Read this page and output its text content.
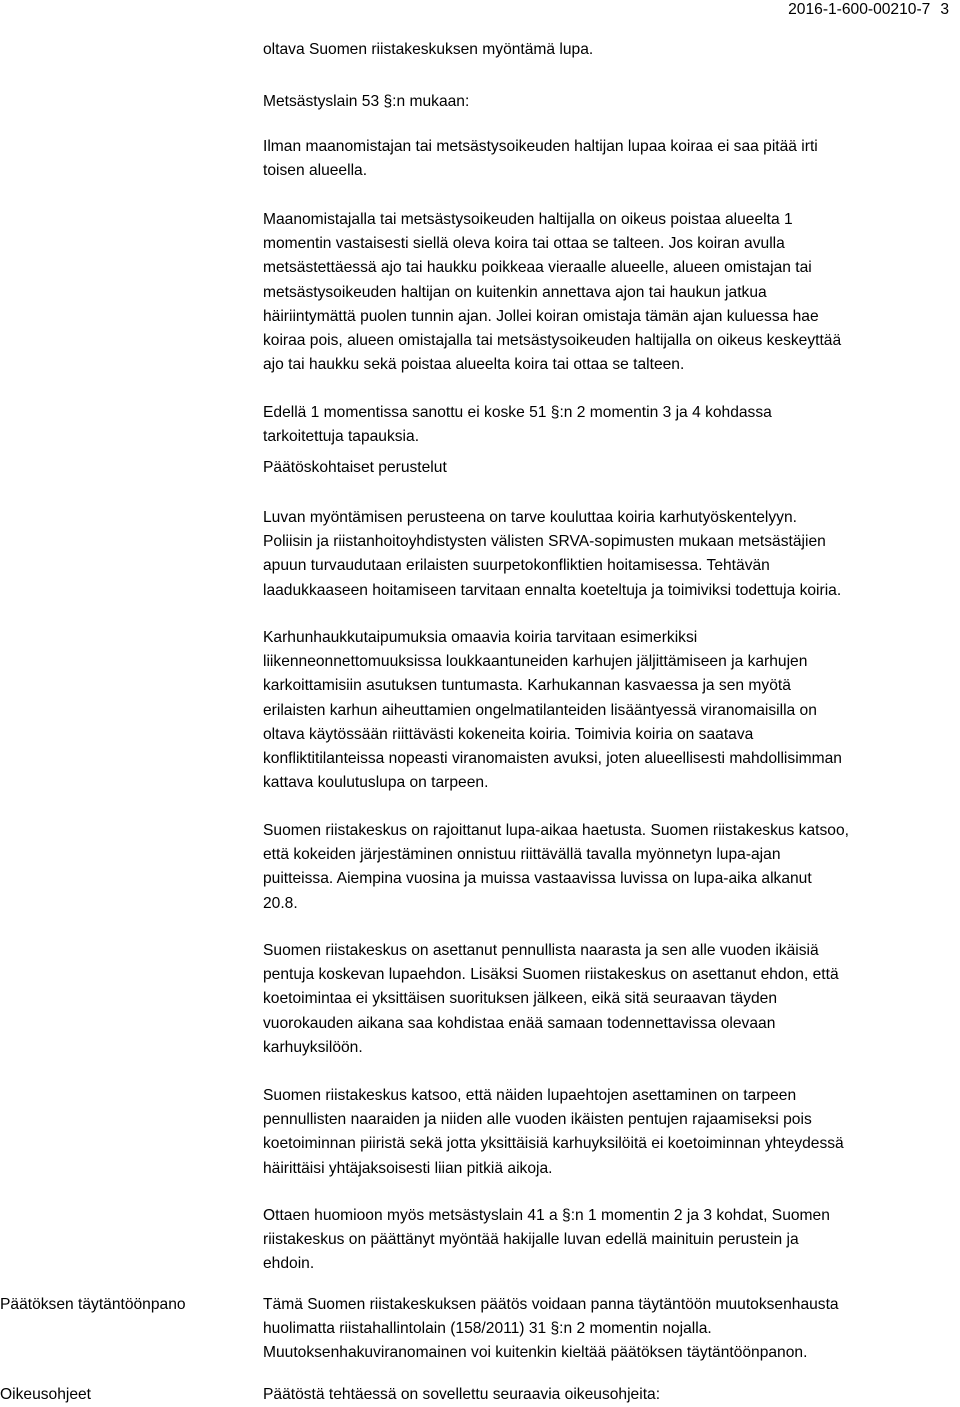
2016-1-600-00210-7 3
oltava Suomen riistakeskuksen myöntämä lupa.
Metsästyslain 53 §:n mukaan:
Ilman maanomistajan tai metsästysoikeuden haltijan lupaa koiraa ei saa pitää irti
toisen alueella.
Maanomistajalla tai metsästysoikeuden haltijalla on oikeus poistaa alueelta 1
momentin vastaisesti siellä oleva koira tai ottaa se talteen. Jos koiran avulla
metsästettäessä ajo tai haukku poikkeaa vieraalle alueelle, alueen omistajan tai
metsästysoikeuden haltijan on kuitenkin annettava ajon tai haukun jatkua
häiriintymättä puolen tunnin ajan. Jollei koiran omistaja tämän ajan kuluessa hae
koiraa pois, alueen omistajalla tai metsästysoikeuden haltijalla on oikeus keskeyttää
ajo tai haukku sekä poistaa alueelta koira tai ottaa se talteen.
Edellä 1 momentissa sanottu ei koske 51 §:n 2 momentin 3 ja 4 kohdassa
tarkoitettuja tapauksia.
Päätöskohtaiset perustelut
Luvan myöntämisen perusteena on tarve kouluttaa koiria karhutyöskentelyyn.
Poliisin ja riistanhoitoyhdistysten välisten SRVA-sopimusten mukaan metsästäjien
apuun turvaudutaan erilaisten suurpetokonfliktien hoitamisessa. Tehtävän
laadukkaaseen hoitamiseen tarvitaan ennalta koeteltuja ja toimiviksi todettuja koiria.
Karhunhaukkutaipumuksia omaavia koiria tarvitaan esimerkiksi
liikenneonnettomuuksissa loukkaantuneiden karhujen jäljittämiseen ja karhujen
karkoittamisiin asutuksen tuntumasta. Karhukannan kasvaessa ja sen myötä
erilaisten karhun aiheuttamien ongelmatilanteiden lisääntyessä viranomaisilla on
oltava käytössään riittävästi kokeneita koiria. Toimivia koiria on saatava
konfliktitilanteissa nopeasti viranomaisten avuksi, joten alueellisesti mahdollisimman
kattava koulutuslupa on tarpeen.
Suomen riistakeskus on rajoittanut lupa-aikaa haetusta. Suomen riistakeskus katsoo,
että kokeiden järjestäminen onnistuu riittävällä tavalla myönnetyn lupa-ajan
puitteissa. Aiempina vuosina ja muissa vastaavissa luvissa on lupa-aika alkanut
20.8.
Suomen riistakeskus on asettanut pennullista naarasta ja sen alle vuoden ikäisiä
pentuja koskevan lupaehdon. Lisäksi Suomen riistakeskus on asettanut ehdon, että
koetoimintaa ei yksittäisen suorituksen jälkeen, eikä sitä seuraavan täyden
vuorokauden aikana saa kohdistaa enää samaan todennettavissa olevaan
karhuyksilöön.
Suomen riistakeskus katsoo, että näiden lupaehtojen asettaminen on tarpeen
pennullisten naaraiden ja niiden alle vuoden ikäisten pentujen rajaamiseksi pois
koetoiminnan piiristä sekä jotta yksittäisiä karhuyksilöitä ei koetoiminnan yhteydessä
häirittäisi yhtäjaksoisesti liian pitkiä aikoja.
Ottaen huomioon myös metsästyslain 41 a §:n 1 momentin 2 ja 3 kohdat, Suomen
riistakeskus on päättänyt myöntää hakijalle luvan edellä mainituin perustein ja
ehdoin.
Tämä Suomen riistakeskuksen päätös voidaan panna täytäntöön muutoksenhausta
huolimatta riistahallintolain (158/2011) 31 §:n 2 momentin nojalla.
Muutoksenhakuviranomainen voi kuitenkin kieltää päätöksen täytäntöönpanon.
Päätöstä tehtäessä on sovellettu seuraavia oikeusohjeita:
Päätöksen täytäntöönpano
Oikeusohjeet
